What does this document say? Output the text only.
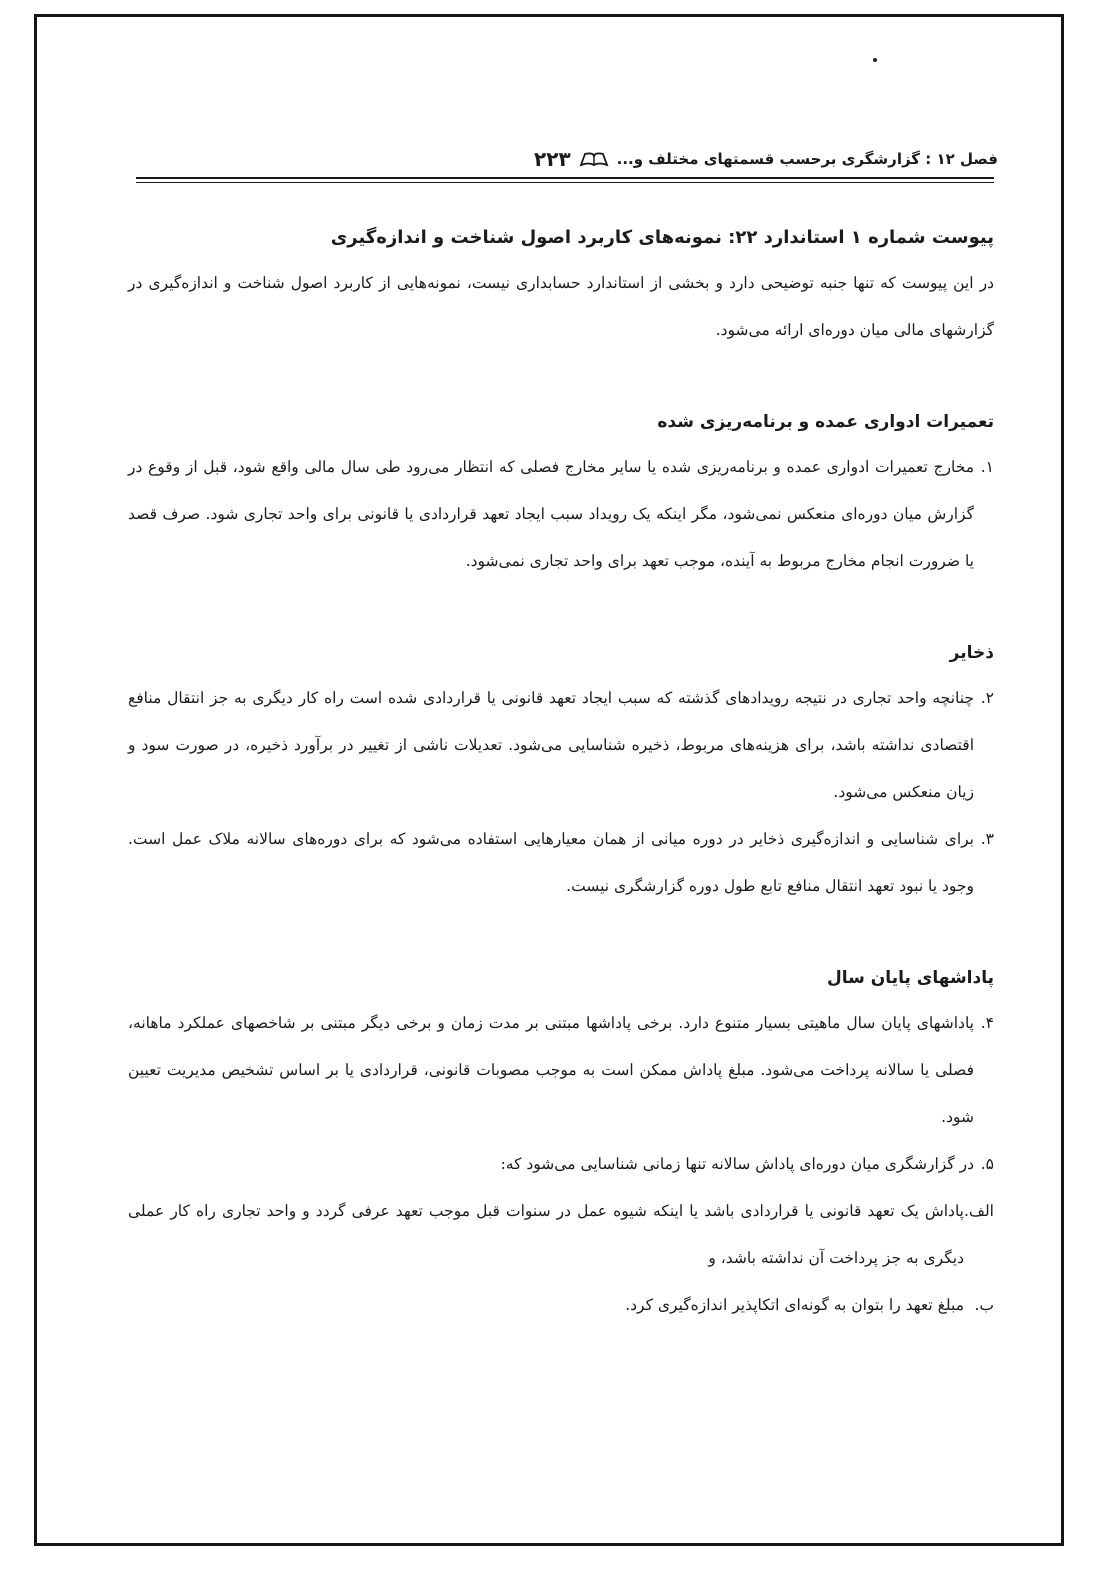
فصل ۱۲ : گزارشگری برحسب قسمتهای مختلف و...
۲۲۳

پیوست شماره ۱ استاندارد ۲۲: نمونه‌های کاربرد اصول شناخت و اندازه‌گیری

در این پیوست که تنها جنبه توضیحی دارد و بخشی از استاندارد حسابداری نیست، نمونه‌هایی از کاربرد اصول شناخت و اندازه‌گیری در گزارشهای مالی میان دوره‌ای ارائه می‌شود.

تعمیرات ادواری عمده و برنامه‌ریزی شده

۱.

مخارج تعمیرات ادواری عمده و برنامه‌ریزی شده یا سایر مخارج فصلی که انتظار می‌رود طی سال مالی واقع شود، قبل از وقوع در گزارش میان دوره‌ای منعکس نمی‌شود، مگر اینکه یک رویداد سبب ایجاد تعهد قراردادی یا قانونی برای واحد تجاری شود. صرف قصد یا ضرورت انجام مخارج مربوط به آینده، موجب تعهد برای واحد تجاری نمی‌شود.

ذخایر

۲.

چنانچه واحد تجاری در نتیجه رویدادهای گذشته که سبب ایجاد تعهد قانونی یا قراردادی شده است راه کار دیگری به جز انتقال منافع اقتصادی نداشته باشد، برای هزینه‌های مربوط، ذخیره شناسایی می‌شود. تعدیلات ناشی از تغییر در برآورد ذخیره، در صورت سود و زیان منعکس می‌شود.

۳.

برای شناسایی و اندازه‌گیری ذخایر در دوره میانی از همان معیارهایی استفاده می‌شود که برای دوره‌های سالانه ملاک عمل است. وجود یا نبود تعهد انتقال منافع تابع طول دوره گزارشگری نیست.

پاداشهای پایان سال

۴.

پاداشهای پایان سال ماهیتی بسیار متنوع دارد. برخی پاداشها مبتنی بر مدت زمان و برخی دیگر مبتنی بر شاخصهای عملکرد ماهانه، فصلی یا سالانه پرداخت می‌شود. مبلغ پاداش ممکن است به موجب مصوبات قانونی، قراردادی یا بر اساس تشخیص مدیریت تعیین شود.

۵.

در گزارشگری میان دوره‌ای پاداش سالانه تنها زمانی شناسایی می‌شود که:

الف.

پاداش یک تعهد قانونی یا قراردادی باشد یا اینکه شیوه عمل در سنوات قبل موجب تعهد عرفی گردد و واحد تجاری راه کار عملی دیگری به جز پرداخت آن نداشته باشد، و

ب.

مبلغ تعهد را بتوان به گونه‌ای اتکاپذیر اندازه‌گیری کرد.
